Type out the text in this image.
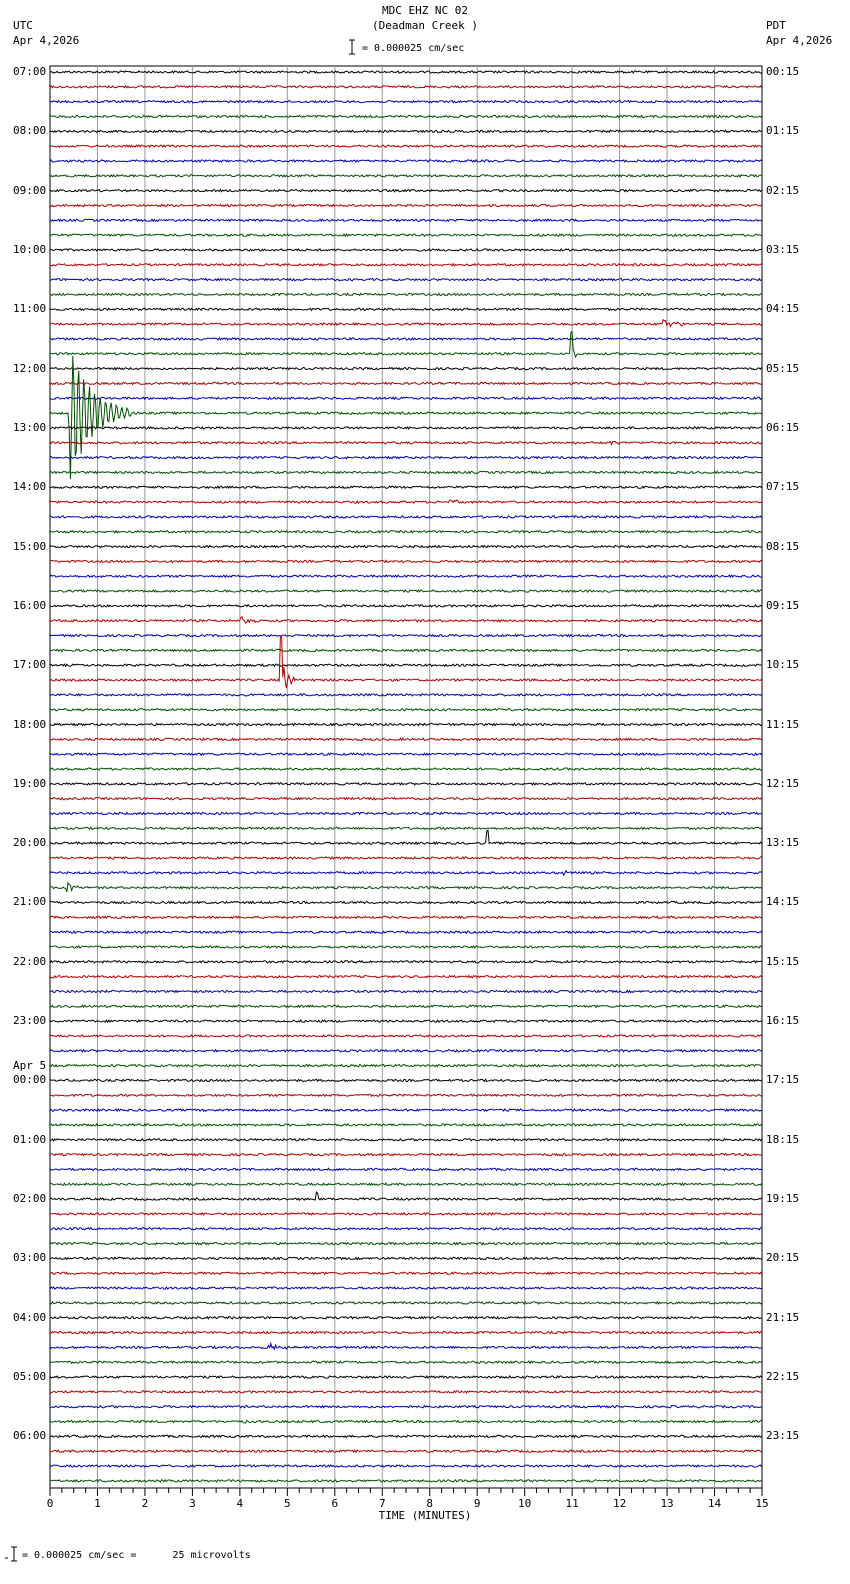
MDC EHZ NC 02
(Deadman Creek )
UTC
Apr 4,2026
PDT
Apr 4,2026
= 0.000025 cm/sec
0	1	2	3	4	5	6	7	8	9	10	11	12	13	14	15
07:00
08:00
09:00
10:00
11:00
12:00
13:00
14:00
15:00
16:00
17:00
18:00
19:00
20:00
21:00
22:00
23:00
Apr 5
00:00
01:00
02:00
03:00
04:00
05:00
06:00
00:15
01:15
02:15
03:15
04:15
05:15
06:15
07:15
08:15
09:15
10:15
11:15
12:15
13:15
14:15
15:15
16:15
17:15
18:15
19:15
20:15
21:15
22:15
23:15
TIME (MINUTES)
= 0.000025 cm/sec =      25 microvolts
